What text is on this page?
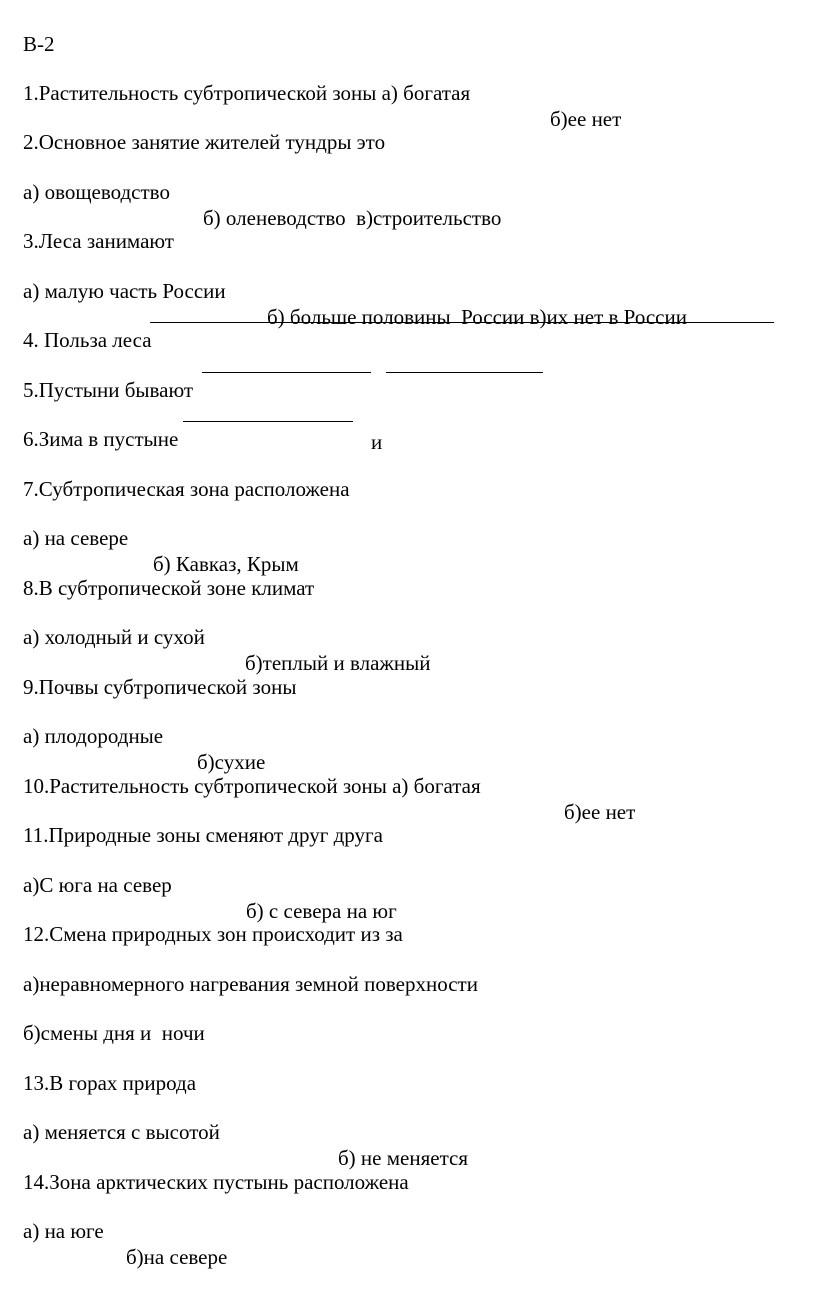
В-2

1.Растительность субтропической зоны а) богатая

б)ее нет

2.Основное занятие жителей тундры это

а) овощеводство

б) оленеводство  в)строительство

3.Леса занимают

а) малую часть России

б) больше половины  России в)их нет в России

4. Польза леса

5.Пустыни бывают

и

6.Зима в пустыне

7.Субтропическая зона расположена

а) на севере

б) Кавказ, Крым

8.В субтропической зоне климат

а) холодный и сухой

б)теплый и влажный

9.Почвы субтропической зоны

а) плодородные

б)сухие

10.Растительность субтропической зоны а) богатая

б)ее нет

11.Природные зоны сменяют друг друга

а)С юга на север

б) с севера на юг

12.Смена природных зон происходит из за

а)неравномерного нагревания земной поверхности

б)смены дня и  ночи

13.В горах природа

а) меняется с высотой

б) не меняется

14.Зона арктических пустынь расположена

а) на юге

б)на севере
